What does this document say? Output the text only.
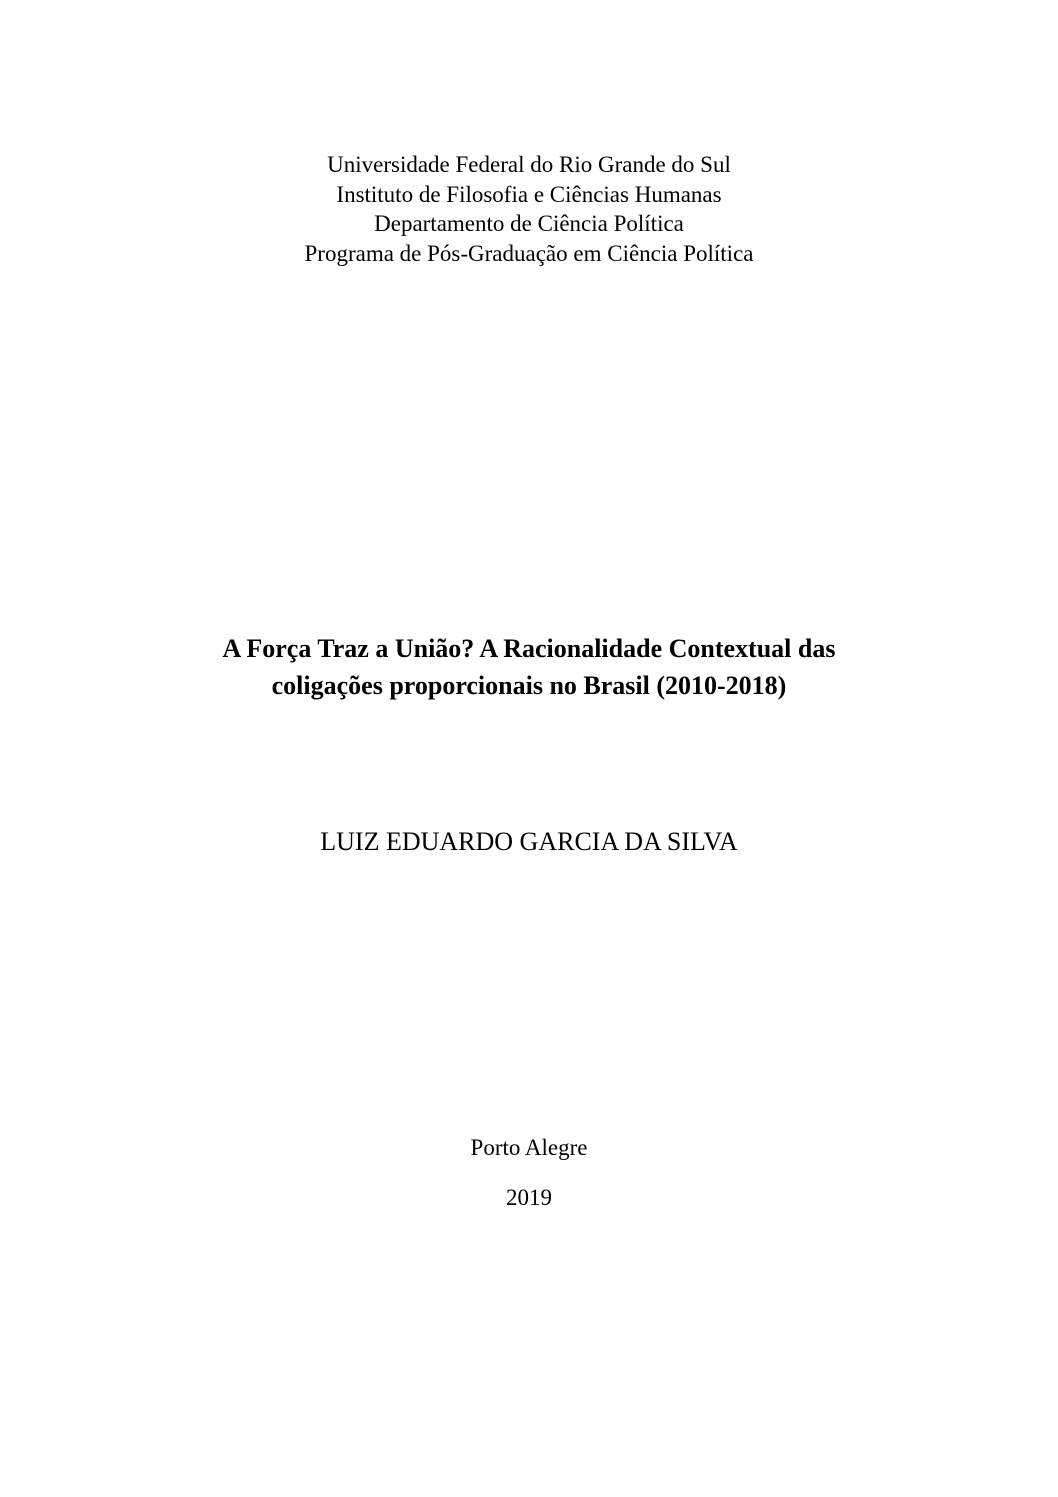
Universidade Federal do Rio Grande do Sul
Instituto de Filosofia e Ciências Humanas
Departamento de Ciência Política
Programa de Pós-Graduação em Ciência Política
A Força Traz a União? A Racionalidade Contextual das
coligações proporcionais no Brasil (2010-2018)
LUIZ EDUARDO GARCIA DA SILVA
Porto Alegre
2019
